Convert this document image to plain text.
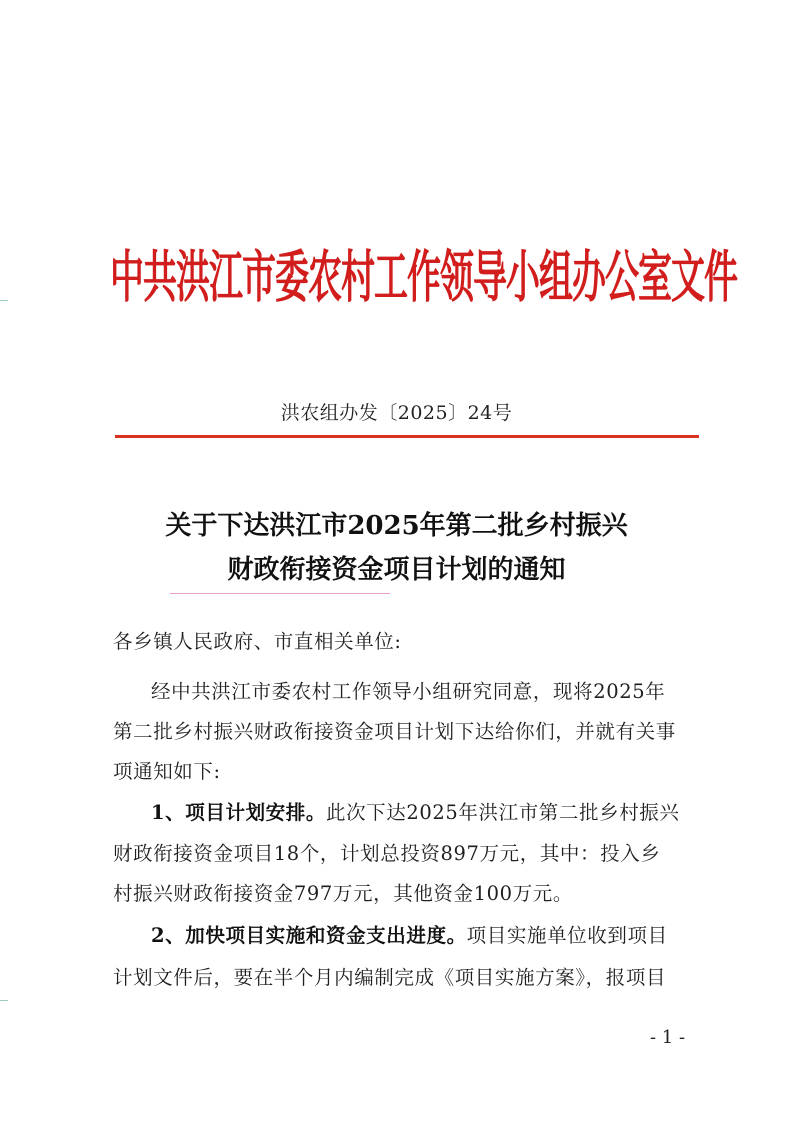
中共洪江市委农村工作领导小组办公室文件
洪农组办发〔2025〕24号
关于下达洪江市2025年第二批乡村振兴
财政衔接资金项目计划的通知
各乡镇人民政府、市直相关单位:
经中共洪江市委农村工作领导小组研究同意，现将2025年
第二批乡村振兴财政衔接资金项目计划下达给你们，并就有关事
项通知如下:
1、项目计划安排。此次下达2025年洪江市第二批乡村振兴
财政衔接资金项目18个，计划总投资897万元，其中：投入乡
村振兴财政衔接资金797万元，其他资金100万元。
2、加快项目实施和资金支出进度。项目实施单位收到项目
计划文件后，要在半个月内编制完成《项目实施方案》，报项目
- 1 -
